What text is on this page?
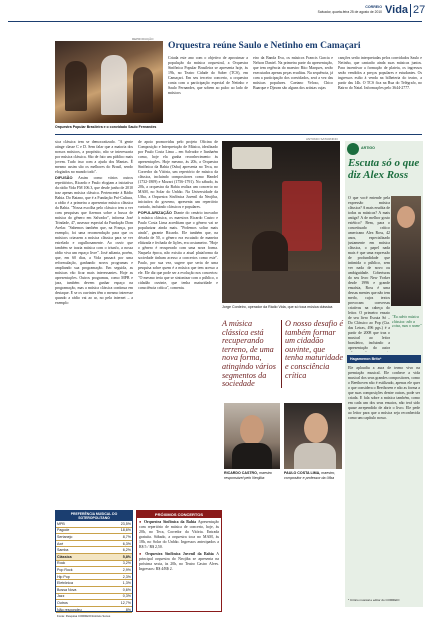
CORREIO
Salvador, quarta-feira 25 de agosto de 2010 Vida 27
REPRODUÇÃO
Orquestra Popular Brasileira e o convidado Saulo Fernandes
Orquestra reúne Saulo e Netinho em Camaçari
Criada este ano com o objetivo de aproximar a população da música orquestral, a Orquestra Sinfônica Popular Brasileira se apresenta hoje, às 19h, no Teatro Cidade do Saber (TCS), em Camaçari. Em seu terceiro concerto, a orquestra conta com a participação especial de Netinho e Saulo Fernandes, que sobem ao palco ao lado de músicos
eiro da Banda Eva, os músicos Francis Garcia e Nelson Daniel. Na primeira parte da apresentação, que tem regência do maestro Rito Marques, serão executados apenas peças eruditas. Na sequência, já com a participação dos convidados, será a vez das músicas populares. Caetano Veloso, Chico Buarque e Djavan são alguns dos artistas cujas
canções serão interpretadas pelos convidados Saulo e Netinho, que cantarão ainda suas músicas juntos. Para incentivar a formação de plateia, os ingressos serão vendidos a preços populares e estudantes. Os ingressos estão à venda na bilheteria do teatro, a partir das 14h. O TCS fica na Rua do Telégrafo, no Bairro do Natal. Informações pelo 3644-2777.
sica clássica tem se democratizado. "A gente atinge classe C e D. Sem falar que a maioria dos nossos músicos, a propósito, não se interessaria por música clássica. São de fato um público mais jovem. Tudo isso com a ajuda dos Mantas. É mesmo assim são os melhores do Brasil, sendo elogiados no mundo todo".
DIFUSÃO Assim como vários outros repetitórios, Ricardo e Paulo elogiam a iniciativa da rádio Vida FM 106.3, que desde junho de 2010 traz apenas música clássica. Pertencente à Rádio Bahia. Do Baiano, que é a Fundação Pró-Cultura, a rádio é a primeira a apresentar música clássica da Bahia. "Nossa escolha pelo clássico tem a ver com pesquisas que fizemos sobre a busca de música do gênero em Salvador", informa José Trindade, 47, assessor especial da Fundação Dom Avelar. "Sabemos também que, na França, por exemplo, foi uma recomendação para que os músicos criassem a música clássica para se ver estrelado e orgulhosamente. Ao ouvir que também se trazia música com o triunfo, a nossa rádio viva um espaço livre". José adianta, porém, que, em 60 dias, a Vida passará por uma reformulação, ganhando novos programas e ampliando sua programação. Em seguida, as músicas vão ficar mais interessantes. Hoje as apresentações. Outros programas, como MPB e jazz, também devem ganhar espaço na programação, mas a música clássica continua em destaque. E se os ouvintes têm o mesmo interesse quando a rádio vai ao ar, no pela internet – a exemplo
de apoio promovidas pelo projeto Oficina de Composição e Interpretação de Música, idealizado por Paulo Costa Lima – em Salvador e Itanhaém como, hoje ela ganha reconhecimento às apresentações. Hoje mesmo, às 20h, a Orquestra Sinfônica da Bahia (Osba) apresenta no Teca, no Corredor da Vitória, um repertório de música da clássica, incluindo compositores como Handel (1732-1809) e Mozart (1756-1791). No sábado, às 20h, a orquestra da Bahia realiza um concerto no MAM, no Solar do Unhão. Na Universidade da Ufba, a Orquestra Sinfônica Juvenil da Neojiba, iniciativa do governo, apresenta um repertório variado, incluindo clássicos e populares.
POPULARIZAÇÃO Diante do cenário inovador à música clássica, os maestros Ricardo Castro e Paulo Costa Lima acreditam que o gênero vai se popularizar ainda mais. "Podemos soltar mais ainda", garante Ricardo. Ele também que, na década de 50, o gênero era escutado de maneira elitizada e fechada de lições, era costumeiro. "Hoje o gênero é recuperado com uma nova forma. Naquela época, não existia a atual plataforma da sociedade tinham acesso a concertos como este". Paulo, por sua vez, sugere que seria de uma pesquisa sobre quem é a música que tem acesso a ele. Ele diz que pode ser a evolução nos concertos: "O mesmo teria que se sintonizar com o público, o cidadão ouvinte, que tenha maturidade e consciência crítica", comenta.
ANTONIO SATURNINO
Jorge Cordeiro, operador da Rádio Vida, que só toca música clássica
A música clássica está recuperando terreno, de uma nova forma, atingindo vários segmentos da sociedade
O nosso desafio é também formar um cidadão ouvinte, que tenha maturidade e consciência crítica
RICARDO CASTRO, maestro responsável pelo Neojiba
PAULO COSTA LIMA, maestro, compositor e professor da Ufba
ARTIGO
Escuta só o que diz Alex Ross
O que você entende pela expressão música clássica? A mais erudita de todas as músicas? A mais antiga? A de melhor gosto estético? Bem, para o conceituado crítico americano Alex Ross, 42 anos, especializado justamente em música clássica, o papel nada mais é que uma expressão de profundidade que intimida o público, sem ver nada de novo ou ambiguidade. Coberturas do seu livro New Yorker desde 1996 e grande ensaísta, Ross é uma dessas mentes que não tem medo, cujos textos provocam conversas criativas na cabeça do leitor. O primeiro ensaio de seu livro Escuta Só – Do Clássico ao Pop (Cia. das Letras, 496 pgs.) é a partir de 2008 que traz o musical ao leitor brasileiro, incluindo a apresentação do autor
"Eu odeio música clássica: não a coisa, mas o nome"
Hagamenon Brito*
Ele aplaudiu a aura de termo vivo na premiação musical. Ele conhece a vida musical dos seus grandes compositores, como o Beethoven não é estilizado, apenas ele quer o que considera o Beethoven e não as forma a que suas composições dentre outras, pode ser criada. E fala sobre a música também, como em cada um dos seus ensaios, não terá sido quase arrependido de abrir o livro. Ele pede ao leitor para que a música seja reconhecida como um capítulo nosso.
* Crítico musical e editor do CORREIO
PREFERÊNCIA MUSICAL DO SOTEROPOLITANO
MPB	23,5%
Pagode	18,6%
Sertanejo	8,7%
Axé	6,3%
Samba	6,2%
Clássica	5,8%
Rock	3,2%
Pop Rock	2,9%
Hip Pop	2,3%
Eletrônica	1,3%
Bossa Nova	0,6%
Jazz	0,3%
Outros	12,7%
Não respondeu	8%
Fonte: Pesquisa CORREIO/Instituto Sonus
PRÓXIMOS CONCERTOS
● Orquestra Sinfônica da Bahia Apresentação com repertório de música de concerto, hoje, às 20h, no Teca, Corredor da Vitória. Entrada gratuita. Sábado, a orquestra toca no MAM, às 18h, no Solar do Unhão. Ingressos antecipados a R$ 5 / R$ 2,50.
● Orquestra Sinfônica Juvenil da Bahia A principal orquestra do Neojiba se apresenta na próxima sexta, às 20h, no Teatro Castro Alves. Ingressos: R$ 4/R$ 2.
